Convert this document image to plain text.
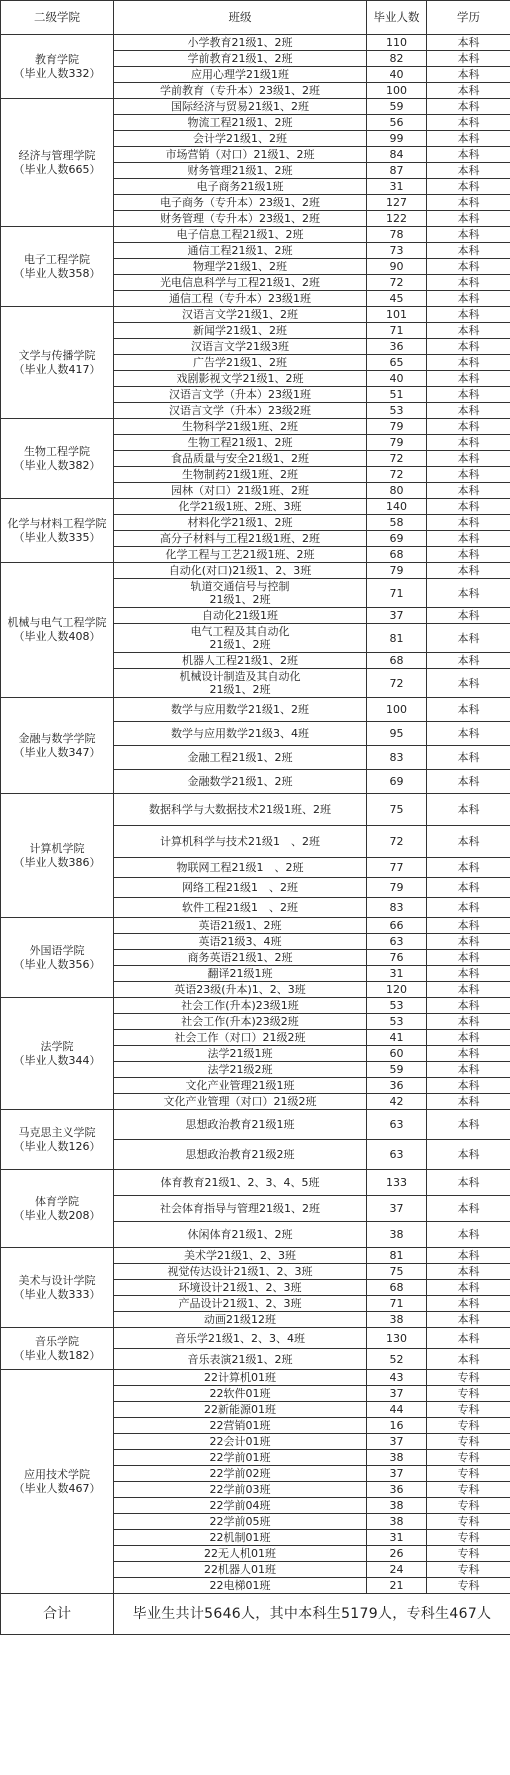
二级学院	班级	毕业人数	学历

教育学院
（毕业人数332）	小学教育21级1、2班	110	本科
	学前教育21级1、2班	82	本科
	应用心理学21级1班	40	本科
	学前教育（专升本）23级1、2班	100	本科

经济与管理学院
（毕业人数665）	国际经济与贸易21级1、2班	59	本科
	物流工程21级1、2班	56	本科
	会计学21级1、2班	99	本科
	市场营销（对口）21级1、2班	84	本科
	财务管理21级1、2班	87	本科
	电子商务21级1班	31	本科
	电子商务（专升本）23级1、2班	127	本科
	财务管理（专升本）23级1、2班	122	本科

电子工程学院
（毕业人数358）	电子信息工程21级1、2班	78	本科
	通信工程21级1、2班	73	本科
	物理学21级1、2班	90	本科
	光电信息科学与工程21级1、2班	72	本科
	通信工程（专升本）23级1班	45	本科

文学与传播学院
（毕业人数417）	汉语言文学21级1、2班	101	本科
	新闻学21级1、2班	71	本科
	汉语言文学21级3班	36	本科
	广告学21级1、2班	65	本科
	戏剧影视文学21级1、2班	40	本科
	汉语言文学（升本）23级1班	51	本科
	汉语言文学（升本）23级2班	53	本科

生物工程学院
（毕业人数382）	生物科学21级1班、2班	79	本科
	生物工程21级1、2班	79	本科
	食品质量与安全21级1、2班	72	本科
	生物制药21级1班、2班	72	本科
	园林（对口）21级1班、2班	80	本科

化学与材料工程学院
（毕业人数335）	化学21级1班、2班、3班	140	本科
	材料化学21级1、2班	58	本科
	高分子材料与工程21级1班、2班	69	本科
	化学工程与工艺21级1班、2班	68	本科

机械与电气工程学院
（毕业人数408）	自动化(对口)21级1、2、3班	79	本科
	轨道交通信号与控制
21级1、2班	71	本科
	自动化21级1班	37	本科
	电气工程及其自动化
21级1、2班	81	本科
	机器人工程21级1、2班	68	本科
	机械设计制造及其自动化
21级1、2班	72	本科

金融与数学学院
（毕业人数347）	数学与应用数学21级1、2班	100	本科
	数学与应用数学21级3、4班	95	本科
	金融工程21级1、2班	83	本科
	金融数学21级1、2班	69	本科

计算机学院
（毕业人数386）	数据科学与大数据技术21级1班、2班	75	本科
	计算机科学与技术21级1　、2班	72	本科
	物联网工程21级1　、2班	77	本科
	网络工程21级1　、2班	79	本科
	软件工程21级1　、2班	83	本科

外国语学院
（毕业人数356）	英语21级1、2班	66	本科
	英语21级3、4班	63	本科
	商务英语21级1、2班	76	本科
	翻译21级1班	31	本科
	英语23级(升本)1、2、3班	120	本科

法学院
（毕业人数344）	社会工作(升本)23级1班	53	本科
	社会工作(升本)23级2班	53	本科
	社会工作（对口）21级2班	41	本科
	法学21级1班	60	本科
	法学21级2班	59	本科
	文化产业管理21级1班	36	本科
	文化产业管理（对口）21级2班	42	本科

马克思主义学院
（毕业人数126）	思想政治教育21级1班	63	本科
	思想政治教育21级2班	63	本科

体育学院
（毕业人数208）	体育教育21级1、2、3、4、5班	133	本科
	社会体育指导与管理21级1、2班	37	本科
	休闲体育21级1、2班	38	本科

美术与设计学院
（毕业人数333）	美术学21级1、2、3班	81	本科
	视觉传达设计21级1、2、3班	75	本科
	环境设计21级1、2、3班	68	本科
	产品设计21级1、2、3班	71	本科
	动画21级12班	38	本科

音乐学院
（毕业人数182）	音乐学21级1、2、3、4班	130	本科
	音乐表演21级1、2班	52	本科

应用技术学院
（毕业人数467）	22计算机01班	43	专科
	22软件01班	37	专科
	22新能源01班	44	专科
	22营销01班	16	专科
	22会计01班	37	专科
	22学前01班	38	专科
	22学前02班	37	专科
	22学前03班	36	专科
	22学前04班	38	专科
	22学前05班	38	专科
	22机制01班	31	专科
	22无人机01班	26	专科
	22机器人01班	24	专科
	22电梯01班	21	专科
合计	毕业生共计5646人，其中本科生5179人，专科生467人		
